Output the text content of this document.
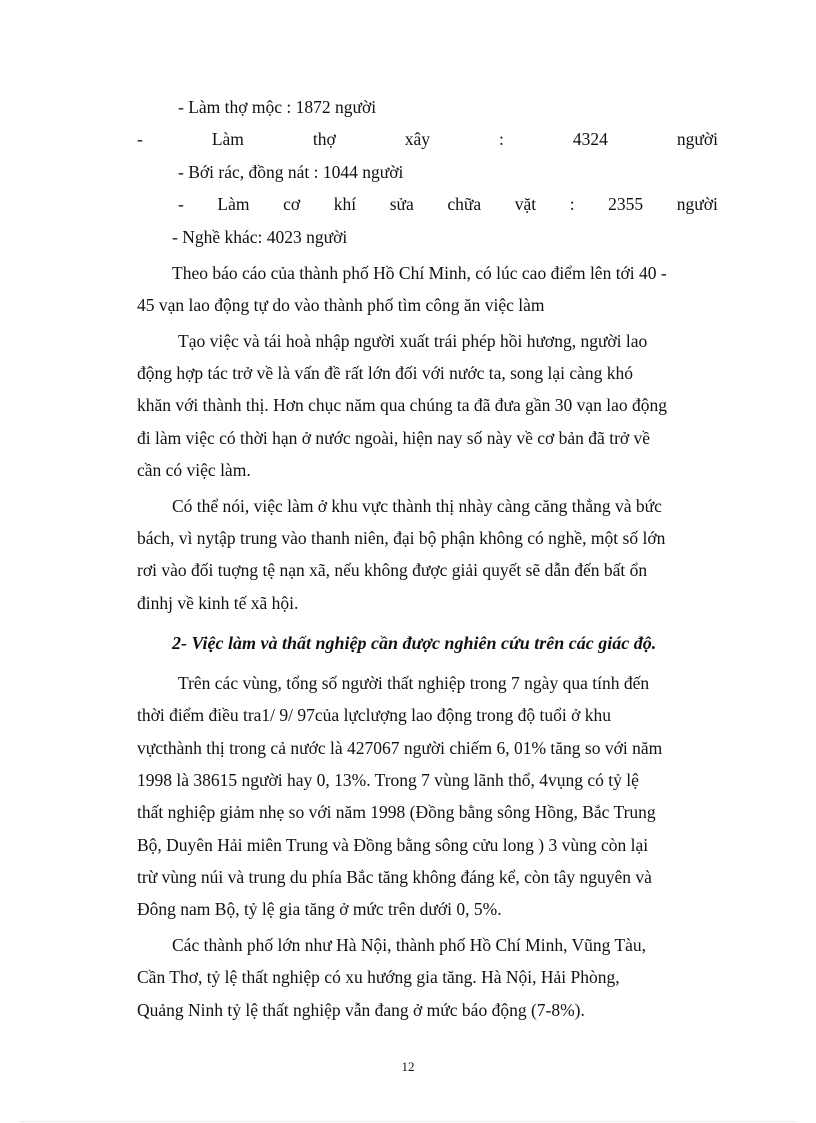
- Làm thợ mộc : 1872 người
-	Làm	thợ	xây	:	4324	người
- Bới rác, đồng nát : 1044 người
- Làm cơ khí sửa chữa vặt : 2355 người
- Nghề khác: 4023 người
Theo báo cáo của thành phố Hồ Chí Minh, có lúc cao điểm lên tới 40 -
45 vạn lao động tự do vào thành phố tìm công ăn việc làm
Tạo việc và tái hoà nhập người xuất trái phép hồi hương, người lao
động hợp tác trở về là vấn đề rất lớn đối với nước ta, song lại càng khó
khăn với thành thị. Hơn chục năm qua chúng ta đã đưa gần 30 vạn lao động
đi làm việc có thời hạn ở nước ngoài, hiện nay số này về cơ bản đã trở về
cần có việc làm.
Có thể nói, việc làm ở khu vực thành thị nhày càng căng thẳng và bức
bách, vì nytập trung vào thanh niên, đại bộ phận không có nghề, một số lớn
rơi vào đối tuợng tệ nạn xã, nếu không được giải quyết sẽ dẫn đến bất ổn
đinhj về kinh tế xã hội.
2- Việc làm và thất nghiệp cần được nghiên cứu trên các giác độ.
Trên các vùng, tổng số người thất nghiệp trong 7 ngày qua tính đến
thời điểm điều tra1/ 9/ 97của lựclượng lao động trong độ tuổi ở khu
vựcthành thị trong cả nước là 427067 người chiếm 6, 01% tăng so với năm
1998 là 38615 người hay 0, 13%. Trong 7 vùng lãnh thổ, 4vụng có tỷ lệ
thất nghiệp giảm nhẹ so với năm 1998 (Đồng bằng sông Hồng, Bắc Trung
Bộ, Duyên Hải miên Trung và Đồng bằng sông cửu long ) 3 vùng còn lại
trừ vùng núi và trung du phía Bắc tăng không đáng kể, còn tây nguyên và
Đông nam Bộ, tỷ lệ gia tăng ở mức trên dưới 0, 5%.
Các thành phố lớn như Hà Nội, thành phố Hồ Chí Minh, Vũng Tàu,
Cần Thơ, tỷ lệ thất nghiệp có xu hướng gia tăng. Hà Nội, Hải Phòng,
Quảng Ninh tỷ lệ thất nghiệp vẫn đang ở mức báo động (7-8%).
12
